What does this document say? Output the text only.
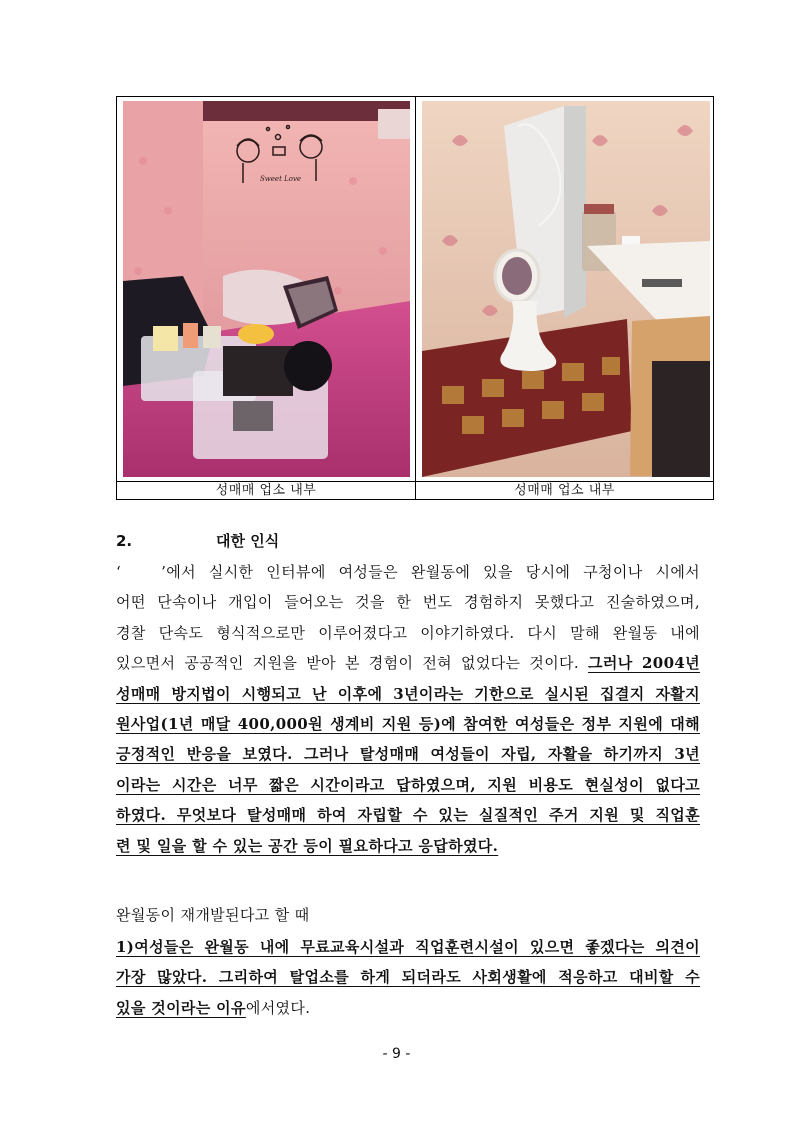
Sweet Love
성매매 업소 내부	성매매 업소 내부
2.	대한 인식
‘	’에서 실시한 인터뷰에 여성들은 완월동에 있을 당시에 구청이나 시에서
어떤 단속이나 개입이 들어오는 것을 한 번도 경험하지 못했다고 진술하였으며,
경찰 단속도 형식적으로만 이루어졌다고 이야기하였다. 다시 말해 완월동 내에
있으면서 공공적인 지원을 받아 본 경험이 전혀 없었다는 것이다. 그러나 2004년
성매매 방지법이 시행되고 난 이후에 3년이라는 기한으로 실시된 집결지 자활지
원사업(1년 매달 400,000원 생계비 지원 등)에 참여한 여성들은 정부 지원에 대해
긍정적인 반응을 보였다. 그러나 탈성매매 여성들이 자립, 자활을 하기까지 3년
이라는 시간은 너무 짧은 시간이라고 답하였으며, 지원 비용도 현실성이 없다고
하였다. 무엇보다 탈성매매 하여 자립할 수 있는 실질적인 주거 지원 및 직업훈
련 및 일을 할 수 있는 공간 등이 필요하다고 응답하였다.
완월동이 재개발된다고 할 때
1)여성들은 완월동 내에 무료교육시설과 직업훈련시설이 있으면 좋겠다는 의견이
가장 많았다. 그리하여 탈업소를 하게 되더라도 사회생활에 적응하고 대비할 수
있을 것이라는 이유에서였다.
- 9 -
